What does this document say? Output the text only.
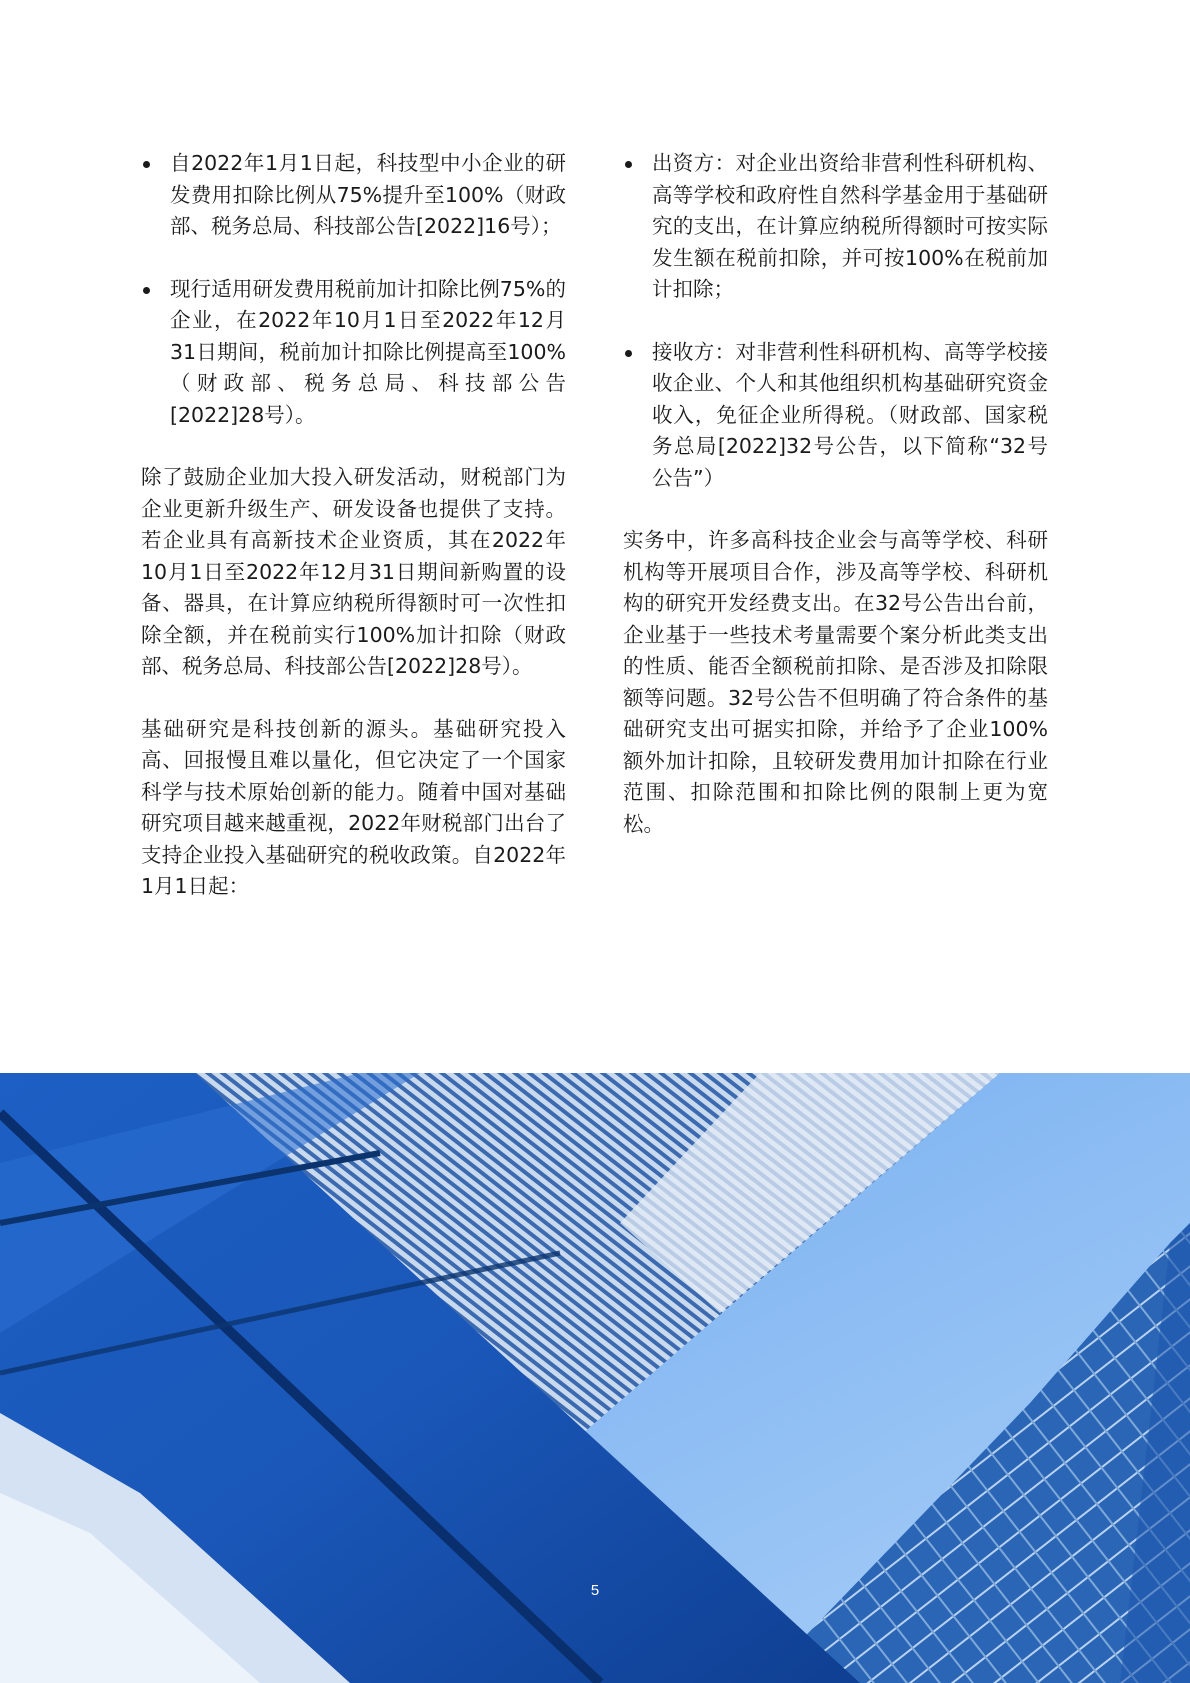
自2022年1月1日起，科技型中小企业的研发费用扣除比例从75%提升至100%（财政部、税务总局、科技部公告[2022]16号）；
现行适用研发费用税前加计扣除比例75%的企业，在2022年10月1日至2022年12月31日期间，税前加计扣除比例提高至100%（财政部、税务总局、科技部公告[2022]28号）。

除了鼓励企业加大投入研发活动，财税部门为企业更新升级生产、研发设备也提供了支持。若企业具有高新技术企业资质，其在2022年10月1日至2022年12月31日期间新购置的设备、器具，在计算应纳税所得额时可一次性扣除全额，并在税前实行100%加计扣除（财政部、税务总局、科技部公告[2022]28号）。

基础研究是科技创新的源头。基础研究投入高、回报慢且难以量化，但它决定了一个国家科学与技术原始创新的能力。随着中国对基础研究项目越来越重视，2022年财税部门出台了支持企业投入基础研究的税收政策。自2022年1月1日起：

出资方：对企业出资给非营利性科研机构、高等学校和政府性自然科学基金用于基础研究的支出，在计算应纳税所得额时可按实际发生额在税前扣除，并可按100%在税前加计扣除；
接收方：对非营利性科研机构、高等学校接收企业、个人和其他组织机构基础研究资金收入，免征企业所得税。（财政部、国家税务总局[2022]32号公告，以下简称“32号公告”）

实务中，许多高科技企业会与高等学校、科研机构等开展项目合作，涉及高等学校、科研机构的研究开发经费支出。在32号公告出台前，企业基于一些技术考量需要个案分析此类支出的性质、能否全额税前扣除、是否涉及扣除限额等问题。32号公告不但明确了符合条件的基础研究支出可据实扣除，并给予了企业100%额外加计扣除，且较研发费用加计扣除在行业范围、扣除范围和扣除比例的限制上更为宽松。

5
